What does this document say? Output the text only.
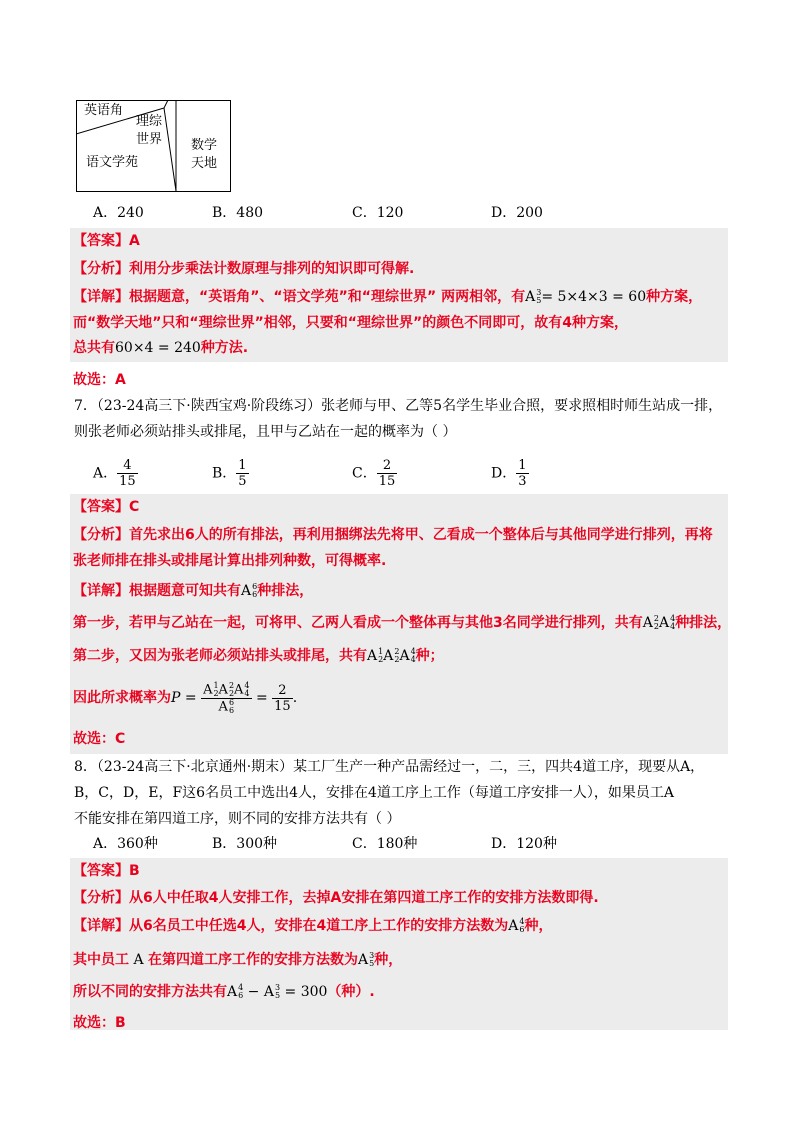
英语角
理综
世界
语文学苑
数学
天地
A．240	B．480	C．120	D．200
【答案】A
【分析】利用分步乘法计数原理与排列的知识即可得解.
【详解】根据题意，“英语角”、“语文学苑”和“理综世界” 两两相邻，有A 3
5 = 5×4×3 = 60种方案，
而“数学天地”只和“理综世界”相邻，只要和“理综世界”的颜色不同即可，故有4种方案，
总共有60×4 = 240种方法.
故选：A
7．（23-24高三下·陕西宝鸡·阶段练习）张老师与甲、乙等5名学生毕业合照，要求照相时师生站成一排，
则张老师必须站排头或排尾，且甲与乙站在一起的概率为（ ）
A． $\frac{4}{15}$	B． $\frac{1}{5}$	C． $\frac{2}{15}$	D． $\frac{1}{3}$
【答案】C
【分析】首先求出6人的所有排法，再利用捆绑法先将甲、乙看成一个整体后与其他同学进行排列，再将
张老师排在排头或排尾计算出排列种数，可得概率.
【详解】根据题意可知共有A 6
6 种排法，
第一步，若甲与乙站在一起，可将甲、乙两人看成一个整体再与其他3名同学进行排列，共有A 2
2 A 4
4 种排法，
第二步，又因为张老师必须站排头或排尾，共有A 1
2 A 2
2 A 4
4 种；
因此所求概率为P = A 1
2 A 2
2 A 4
4
A 6
$6 = \frac{2}{15}$ .
故选：C
8．（23-24高三下·北京通州·期末）某工厂生产一种产品需经过一，二，三，四共4道工序，现要从A，
B，C，D，E，F这6名员工中选出4人，安排在4道工序上工作（每道工序安排一人），如果员工A
不能安排在第四道工序，则不同的安排方法共有（ ）
A．360种	B．300种	C．180种	D．120种
【答案】B
【分析】从6人中任取4人安排工作，去掉A安排在第四道工序工作的安排方法数即得.
【详解】从6名员工中任选4人，安排在4道工序上工作的安排方法数为A 4
6 种，
其中员工 A 在第四道工序工作的安排方法数为A 3
5 种，
所以不同的安排方法共有A 4
6 − A 3
5 = 300（种）.
故选：B
